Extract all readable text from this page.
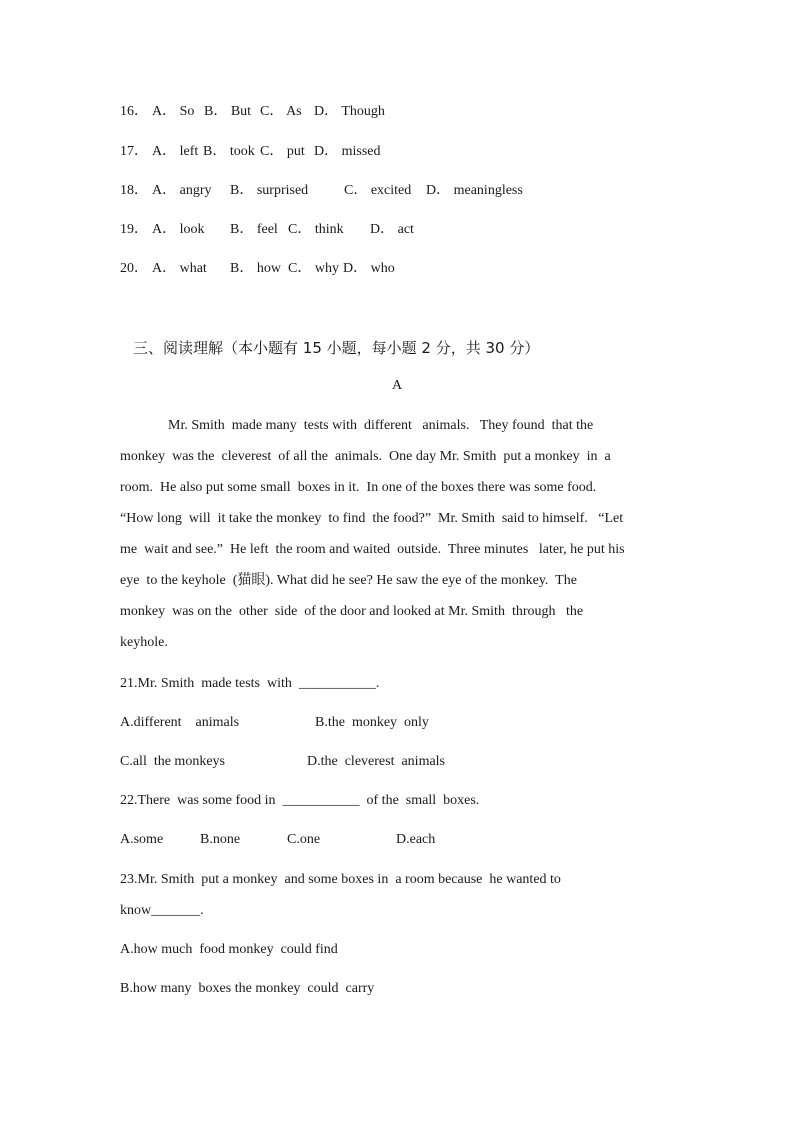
16． A． So B． But C． As D． Though
17． A． left B． took C． put D． missed
18． A． angry B． surprised	C． excited D． meaningless
19． A． look B． feel C． think D． act
20． A． what B． how C． why D． who
三、阅读理解（本小题有 15 小题，每小题 2 分，共 30 分）
A
Mr. Smith  made many  tests with  different   animals.   They found  that the
monkey  was the  cleverest  of all the  animals.  One day Mr. Smith  put a monkey  in  a
room.  He also put some small  boxes in it.  In one of the boxes there was some food.
“How long  will  it take the monkey  to find  the food?”  Mr. Smith  said to himself.   “Let
me  wait and see.”  He left  the room and waited  outside.  Three minutes   later, he put his
eye  to the keyhole  (猫眼). What did he see? He saw the eye of the monkey.  The
monkey  was on the  other  side  of the door and looked at Mr. Smith  through   the
keyhole.
21.Mr. Smith  made tests  with  ___________.
A.different    animals	B.the  monkey  only
C.all  the monkeys	D.the  cleverest  animals
22.There  was some food in  ___________  of the  small  boxes.
A.some	B.none	C.one	D.each
23.Mr. Smith  put a monkey  and some boxes in  a room because  he wanted to
know_______.
A.how much  food monkey  could find
B.how many  boxes the monkey  could  carry
